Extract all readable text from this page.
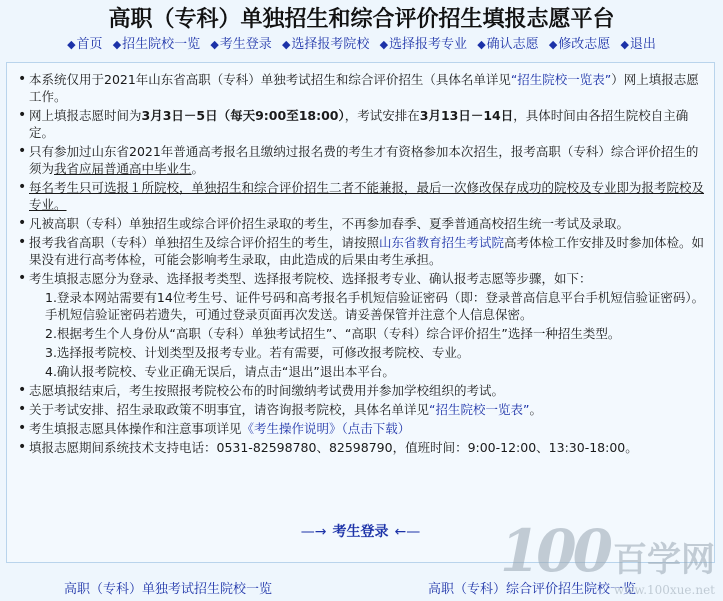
高职（专科）单独招生和综合评价招生填报志愿平台
◆首页 ◆招生院校一览 ◆考生登录 ◆选择报考院校 ◆选择报考专业 ◆确认志愿 ◆修改志愿 ◆退出
• 本系统仅用于2021年山东省高职（专科）单独考试招生和综合评价招生（具体名单详见“招生院校一览表”）网上填报志愿工作。
• 网上填报志愿时间为3月3日－5日（每天9:00至18:00），考试安排在3月13日－14日，具体时间由各招生院校自主确定。
• 只有参加过山东省2021年普通高考报名且缴纳过报名费的考生才有资格参加本次招生，报考高职（专科）综合评价招生的须为我省应届普通高中毕业生。
• 每名考生只可选报１所院校，单独招生和综合评价招生二者不能兼报，最后一次修改保存成功的院校及专业即为报考院校及专业。
• 凡被高职（专科）单独招生或综合评价招生录取的考生，不再参加春季、夏季普通高校招生统一考试及录取。
• 报考我省高职（专科）单独招生及综合评价招生的考生，请按照山东省教育招生考试院高考体检工作安排及时参加体检。如果没有进行高考体检，可能会影响考生录取，由此造成的后果由考生承担。
• 考生填报志愿分为登录、选择报考类型、选择报考院校、选择报考专业、确认报考志愿等步骤，如下：
1.登录本网站需要有14位考生号、证件号码和高考报名手机短信验证密码（即：登录普高信息平台手机短信验证密码）。手机短信验证密码若遗失，可通过登录页面再次发送。请妥善保管并注意个人信息保密。
2.根据考生个人身份从“高职（专科）单独考试招生”、“高职（专科）综合评价招生”选择一种招生类型。
3.选择报考院校、计划类型及报考专业。若有需要，可修改报考院校、专业。
4.确认报考院校、专业正确无误后，请点击“退出”退出本平台。
• 志愿填报结束后，考生按照报考院校公布的时间缴纳考试费用并参加学校组织的考试。
• 关于考试安排、招生录取政策不明事宜，请咨询报考院校，具体名单详见“招生院校一览表”。
• 考生填报志愿具体操作和注意事项详见《考生操作说明》（点击下载）
• 填报志愿期间系统技术支持电话：0531-82598780、82598790，值班时间：9:00-12:00、13:30-18:00。
—→ 考生登录 ←—
高职（专科）单独考试招生院校一览	高职（专科）综合评价招生院校一览
100 百学网
www.100xue.net
